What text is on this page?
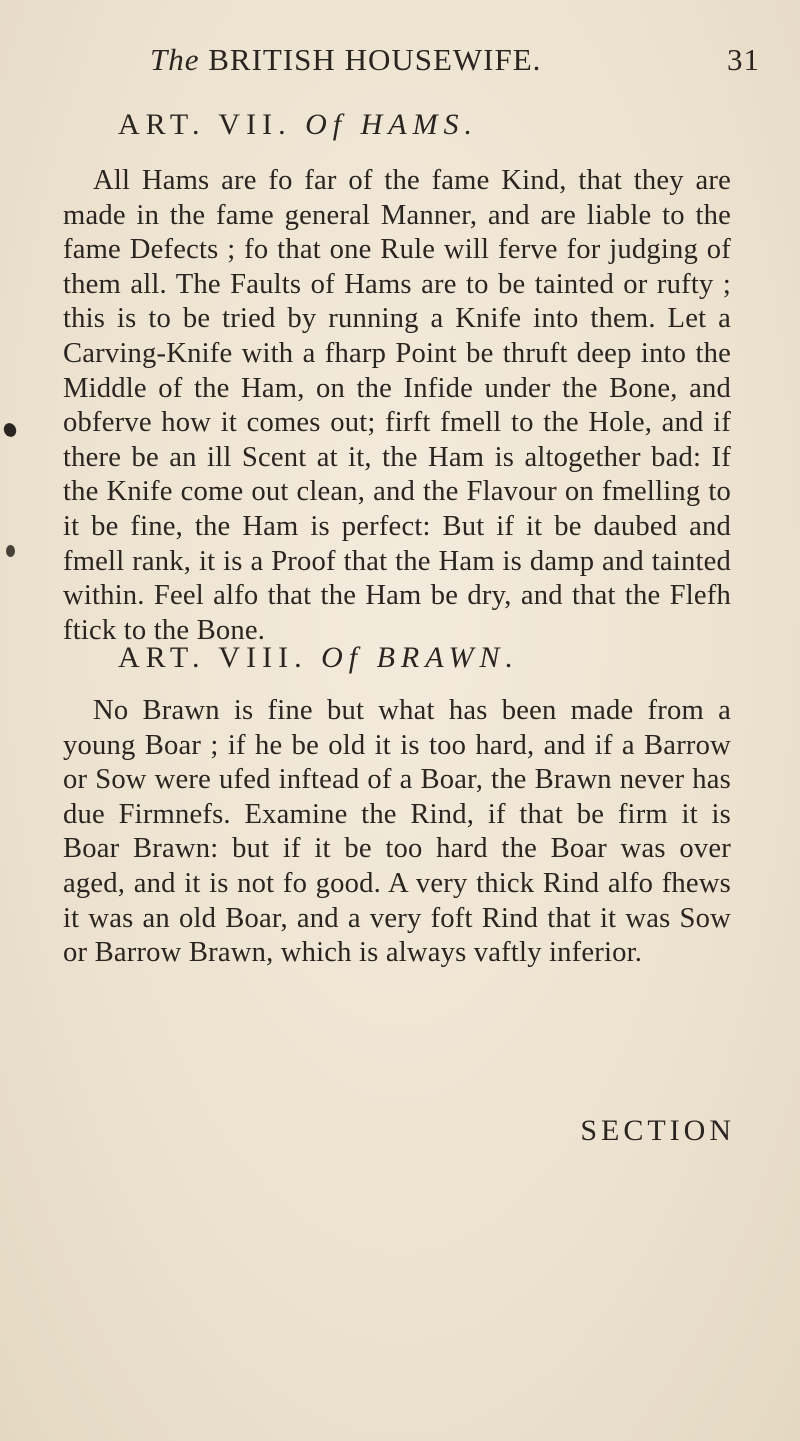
The BRITISH HOUSEWIFE.	31
ART. VII. Of HAMS.

All Hams are fo far of the fame Kind, that they are made in the fame general Manner, and are liable to the fame Defects ; fo that one Rule will ferve for judging of them all. The Faults of Hams are to be tainted or rufty ; this is to be tried by running a Knife into them. Let a Carving-Knife with a fharp Point be thruft deep into the Middle of the Ham, on the Infide under the Bone, and obferve how it comes out; firft fmell to the Hole, and if there be an ill Scent at it, the Ham is altogether bad: If the Knife come out clean, and the Flavour on fmelling to it be fine, the Ham is perfect: But if it be daubed and fmell rank, it is a Proof that the Ham is damp and tainted within. Feel alfo that the Ham be dry, and that the Flefh ftick to the Bone.

ART. VIII. Of BRAWN.

No Brawn is fine but what has been made from a young Boar ; if he be old it is too hard, and if a Barrow or Sow were ufed inftead of a Boar, the Brawn never has due Firmnefs. Examine the Rind, if that be firm it is Boar Brawn: but if it be too hard the Boar was over aged, and it is not fo good. A very thick Rind alfo fhews it was an old Boar, and a very foft Rind that it was Sow or Barrow Brawn, which is always vaftly inferior.

SECTION
